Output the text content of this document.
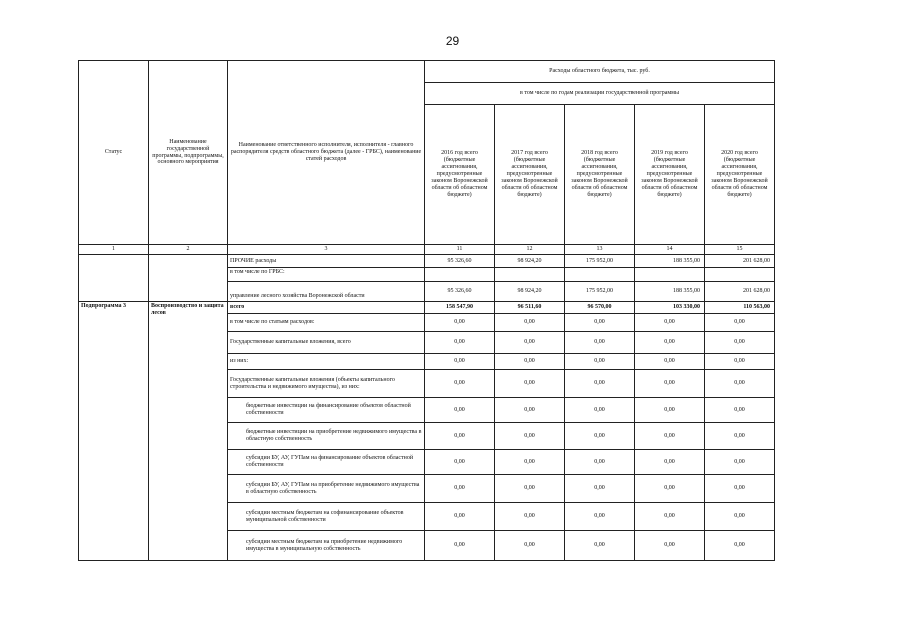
29
Статус	Наименование государственной программы, подпрограммы, основного мероприятия	Наименование ответственного исполнителя, исполнителя - главного распорядителя средств областного бюджета (далее - ГРБС), наименование статей расходов	Расходы областного бюджета, тыс. руб.				
			в том числе по годам реализации государственной программы				
			2016 год всего (бюджетные ассигнования, предусмотренные законом Воронежской области об областном бюджете)	2017 год всего (бюджетные ассигнования, предусмотренные законом Воронежской области об областном бюджете)	2018 год всего (бюджетные ассигнования, предусмотренные законом Воронежской области об областном бюджете)	2019 год всего (бюджетные ассигнования, предусмотренные законом Воронежской области об областном бюджете)	2020 год всего (бюджетные ассигнования, предусмотренные законом Воронежской области об областном бюджете)
1	2	3	11	12	13	14	15
		ПРОЧИЕ расходы	95 326,60	98 924,20	175 952,00	188 355,00	201 628,00
		в том числе по ГРБС:					
		управление лесного хозяйства Воронежской области	95 326,60	98 924,20	175 952,00	188 355,00	201 628,00
Подпрограмма 3	Воспроизводство и защита лесов	всего	158 547,90	96 511,60	96 570,00	103 330,00	110 563,00
		в том числе по статьям расходов:	0,00	0,00	0,00	0,00	0,00
		Государственные капитальные вложения, всего	0,00	0,00	0,00	0,00	0,00
		из них:	0,00	0,00	0,00	0,00	0,00
		Государственные капитальные вложения (объекты капитального строительства и недвижимого имущества), из них:	0,00	0,00	0,00	0,00	0,00
		бюджетные инвестиции на финансирование объектов областной собственности	0,00	0,00	0,00	0,00	0,00
		бюджетные инвестиции на приобретение недвижимого имущества в областную собственность	0,00	0,00	0,00	0,00	0,00
		субсидии БУ, АУ, ГУПам на финансирование объектов областной собственности	0,00	0,00	0,00	0,00	0,00
		субсидии БУ, АУ, ГУПам на приобретение недвижимого имущества в областную собственность	0,00	0,00	0,00	0,00	0,00
		субсидии местным бюджетам на софинансирование объектов муниципальной собственности	0,00	0,00	0,00	0,00	0,00
		субсидии местным бюджетам на приобретение недвижимого имущества в муниципальную собственность	0,00	0,00	0,00	0,00	0,00
